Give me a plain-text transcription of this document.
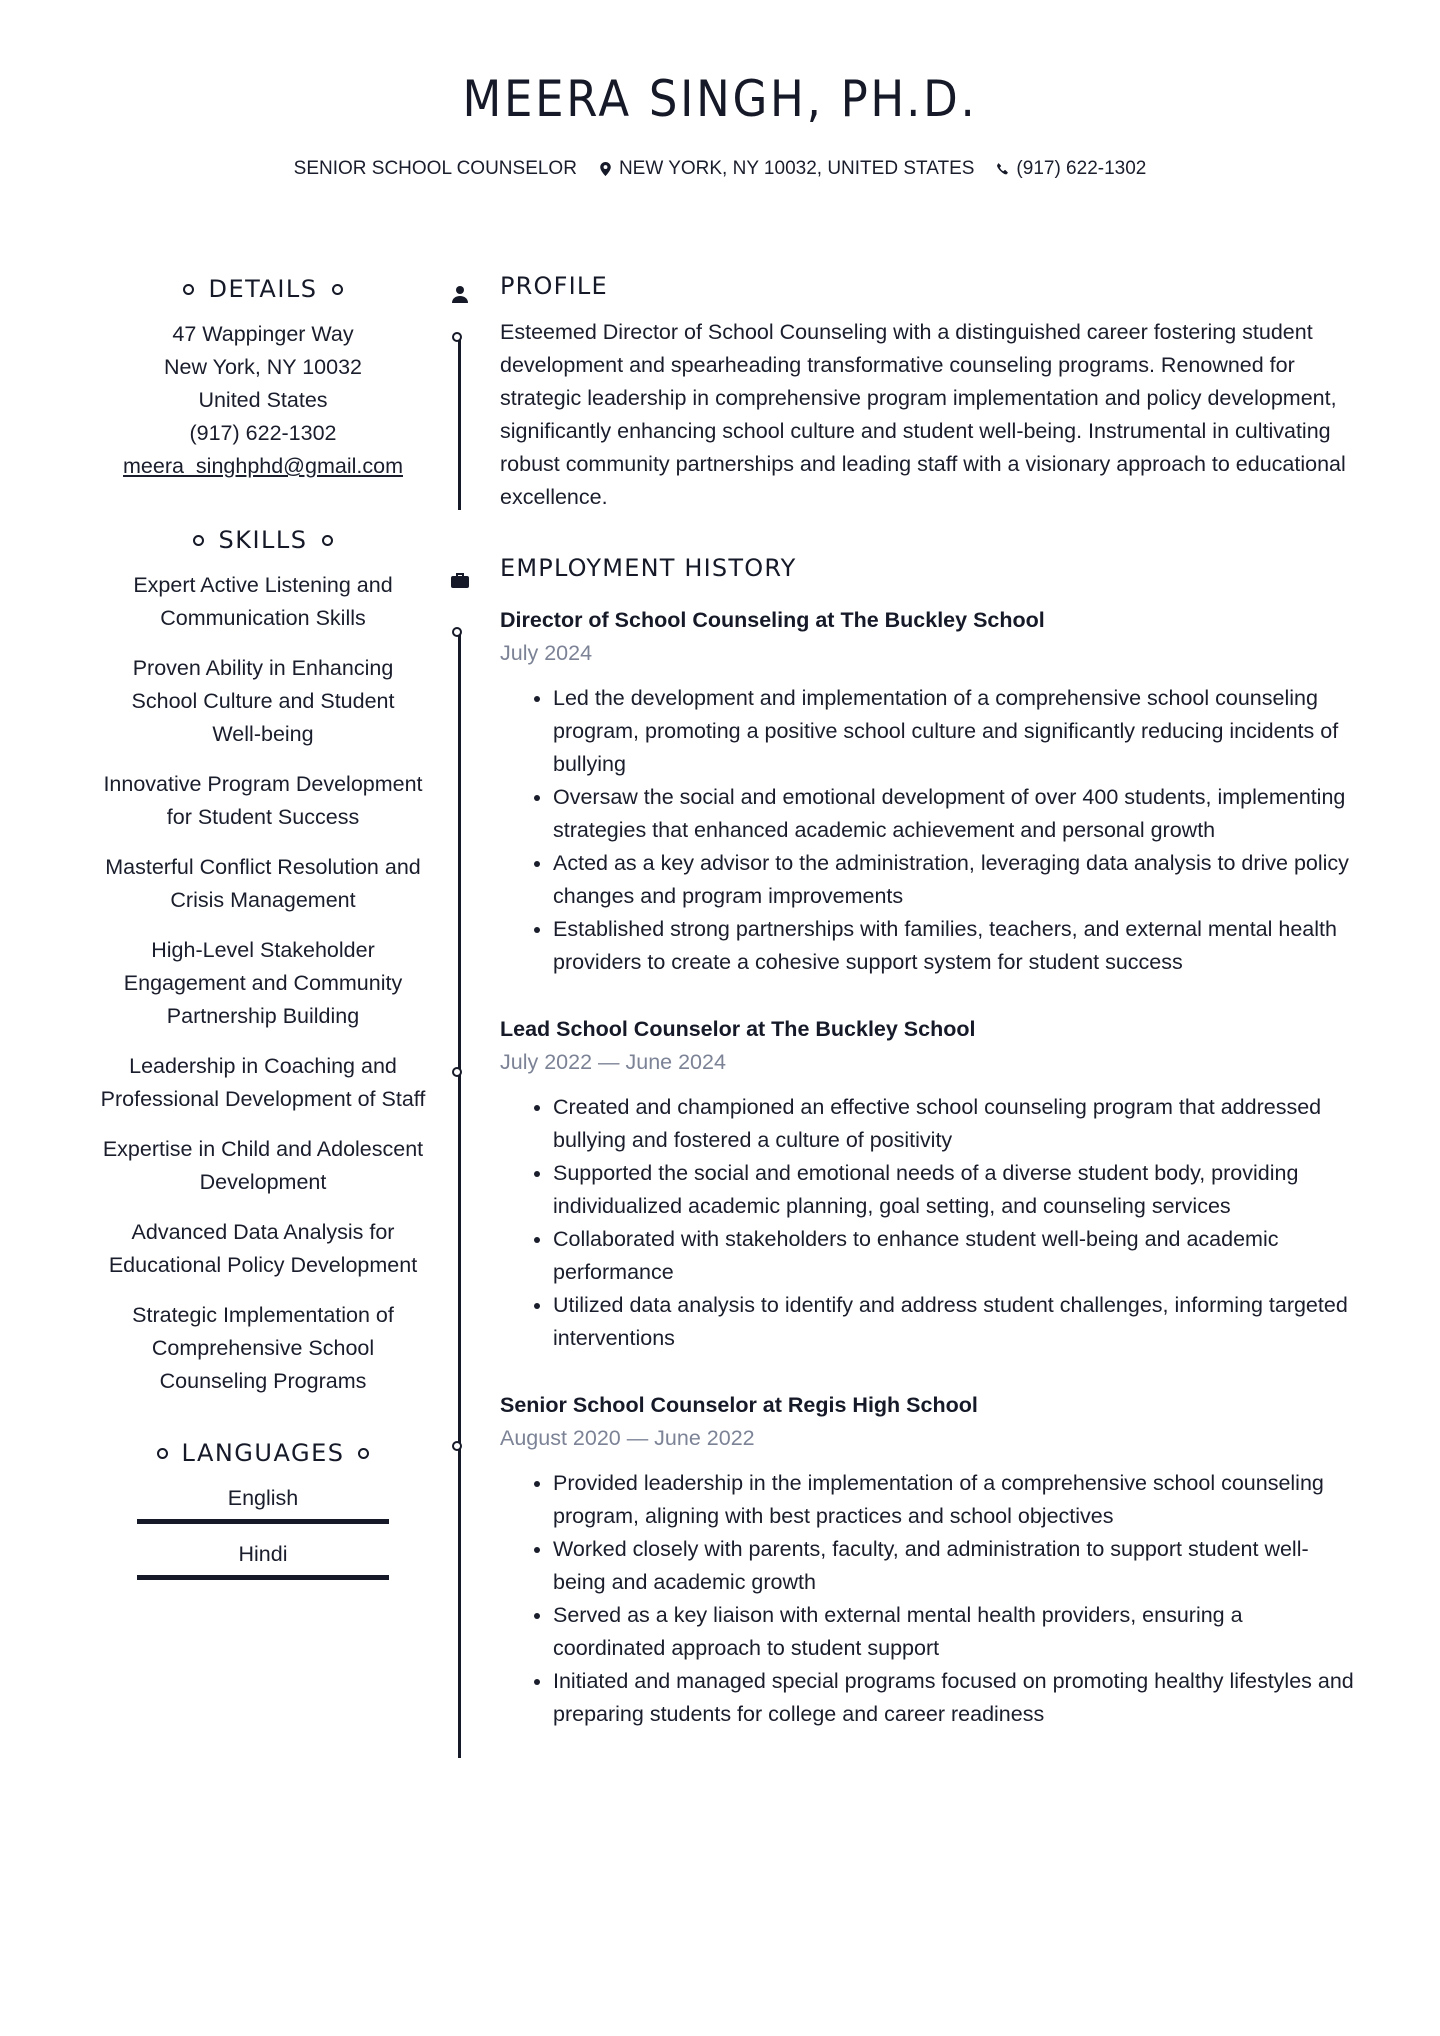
MEERA SINGH, PH.D.
SENIOR SCHOOL COUNSELOR NEW YORK, NY 10032, UNITED STATES (917) 622-1302
DETAILS

47 Wappinger Way

New York, NY 10032

United States

(917) 622-1302

meera_singhphd@gmail.com

SKILLS
Expert Active Listening and Communication Skills
Proven Ability in Enhancing School Culture and Student Well-being
Innovative Program Development for Student Success
Masterful Conflict Resolution and Crisis Management
High-Level Stakeholder Engagement and Community Partnership Building
Leadership in Coaching and Professional Development of Staff
Expertise in Child and Adolescent Development
Advanced Data Analysis for Educational Policy Development
Strategic Implementation of Comprehensive School Counseling Programs
LANGUAGES
English
Hindi
PROFILE

Esteemed Director of School Counseling with a distinguished career fostering student development and spearheading transformative counseling programs. Renowned for strategic leadership in comprehensive program implementation and policy development, significantly enhancing school culture and student well-being. Instrumental in cultivating robust community partnerships and leading staff with a visionary approach to educational excellence.

EMPLOYMENT HISTORY
Director of School Counseling at The Buckley School
July 2024
• Led the development and implementation of a comprehensive school counseling program, promoting a positive school culture and significantly reducing incidents of bullying
• Oversaw the social and emotional development of over 400 students, implementing strategies that enhanced academic achievement and personal growth
• Acted as a key advisor to the administration, leveraging data analysis to drive policy changes and program improvements
• Established strong partnerships with families, teachers, and external mental health providers to create a cohesive support system for student success
Lead School Counselor at The Buckley School
July 2022 — June 2024
• Created and championed an effective school counseling program that addressed bullying and fostered a culture of positivity
• Supported the social and emotional needs of a diverse student body, providing individualized academic planning, goal setting, and counseling services
• Collaborated with stakeholders to enhance student well-being and academic performance
• Utilized data analysis to identify and address student challenges, informing targeted interventions
Senior School Counselor at Regis High School
August 2020 — June 2022
• Provided leadership in the implementation of a comprehensive school counseling program, aligning with best practices and school objectives
• Worked closely with parents, faculty, and administration to support student well-being and academic growth
• Served as a key liaison with external mental health providers, ensuring a coordinated approach to student support
• Initiated and managed special programs focused on promoting healthy lifestyles and preparing students for college and career readiness
